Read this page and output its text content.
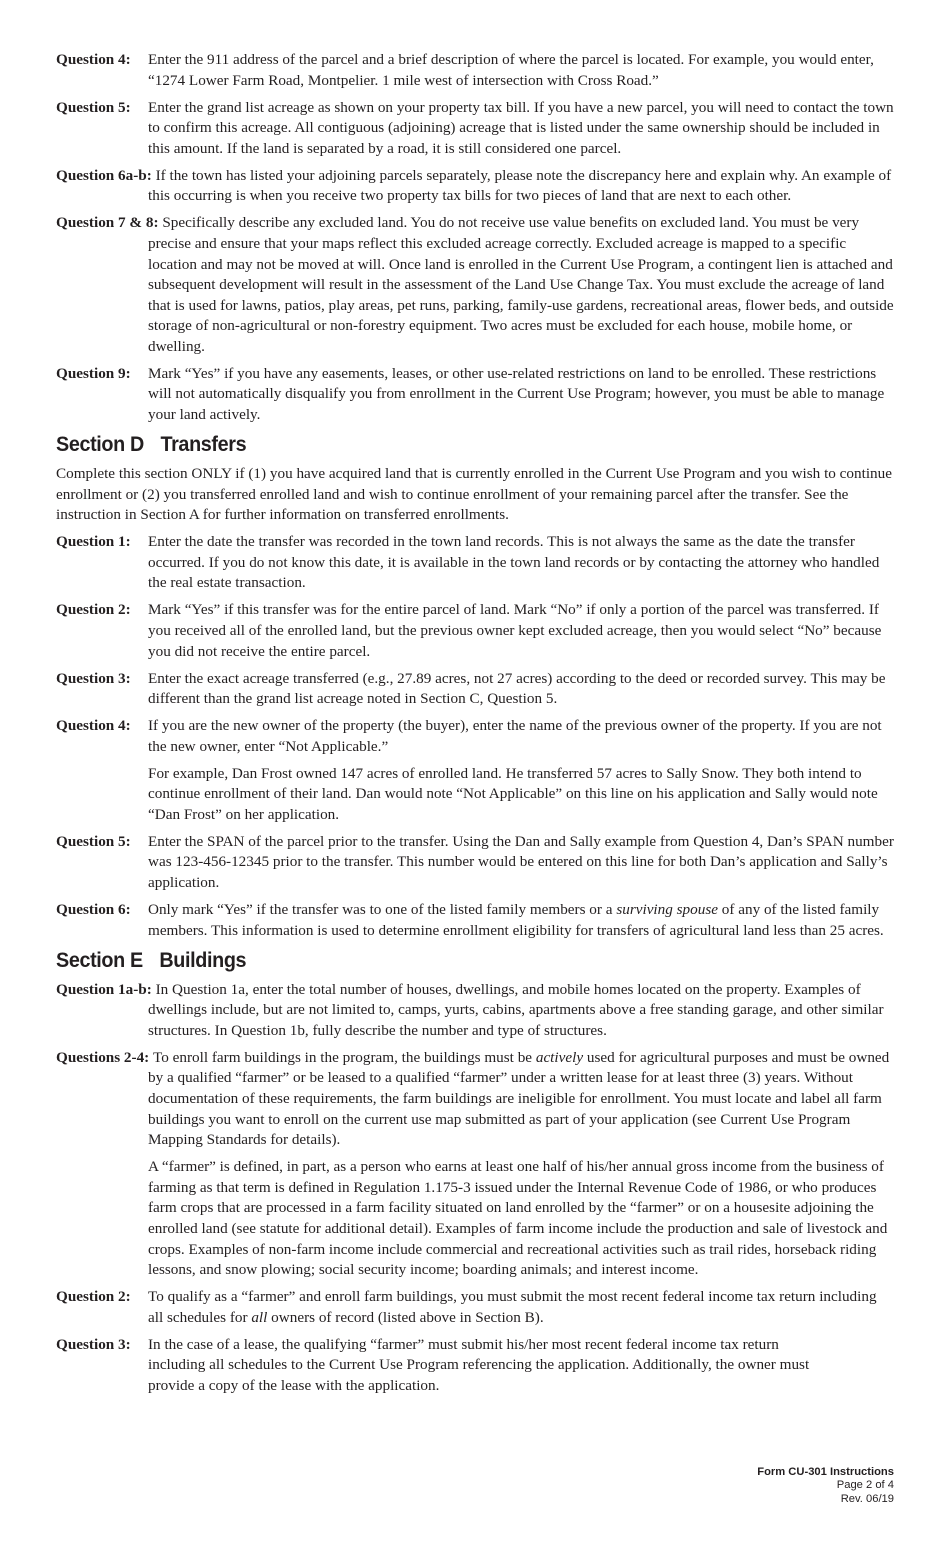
Question 4:	Enter the 911 address of the parcel and a brief description of where the parcel is located. For example, you would enter, “1274 Lower Farm Road, Montpelier. 1 mile west of intersection with Cross Road.”
Question 5:	Enter the grand list acreage as shown on your property tax bill. If you have a new parcel, you will need to contact the town to confirm this acreage. All contiguous (adjoining) acreage that is listed under the same ownership should be included in this amount. If the land is separated by a road, it is still considered one parcel.
Question 6a-b: If the town has listed your adjoining parcels separately, please note the discrepancy here and explain why. An example of this occurring is when you receive two property tax bills for two pieces of land that are next to each other.
Question 7 & 8: Specifically describe any excluded land. You do not receive use value benefits on excluded land. You must be very precise and ensure that your maps reflect this excluded acreage correctly. Excluded acreage is mapped to a specific location and may not be moved at will. Once land is enrolled in the Current Use Program, a contingent lien is attached and subsequent development will result in the assessment of the Land Use Change Tax. You must exclude the acreage of land that is used for lawns, patios, play areas, pet runs, parking, family-use gardens, recreational areas, flower beds, and outside storage of non-agricultural or non-forestry equipment. Two acres must be excluded for each house, mobile home, or dwelling.
Question 9:	Mark “Yes” if you have any easements, leases, or other use-related restrictions on land to be enrolled. These restrictions will not automatically disqualify you from enrollment in the Current Use Program; however, you must be able to manage your land actively.
Section D Transfers
Complete this section ONLY if (1) you have acquired land that is currently enrolled in the Current Use Program and you wish to continue enrollment or (2) you transferred enrolled land and wish to continue enrollment of your remaining parcel after the transfer. See the instruction in Section A for further information on transferred enrollments.
Question 1:	Enter the date the transfer was recorded in the town land records. This is not always the same as the date the transfer occurred. If you do not know this date, it is available in the town land records or by contacting the attorney who handled the real estate transaction.
Question 2:	Mark “Yes” if this transfer was for the entire parcel of land. Mark “No” if only a portion of the parcel was transferred. If you received all of the enrolled land, but the previous owner kept excluded acreage, then you would select “No” because you did not receive the entire parcel.
Question 3:	Enter the exact acreage transferred (e.g., 27.89 acres, not 27 acres) according to the deed or recorded survey. This may be different than the grand list acreage noted in Section C, Question 5.
Question 4:	If you are the new owner of the property (the buyer), enter the name of the previous owner of the property. If you are not the new owner, enter “Not Applicable.”
For example, Dan Frost owned 147 acres of enrolled land. He transferred 57 acres to Sally Snow. They both intend to continue enrollment of their land. Dan would note “Not Applicable” on this line on his application and Sally would note “Dan Frost” on her application.
Question 5:	Enter the SPAN of the parcel prior to the transfer. Using the Dan and Sally example from Question 4, Dan’s SPAN number was 123-456-12345 prior to the transfer. This number would be entered on this line for both Dan’s application and Sally’s application.
Question 6:	Only mark “Yes” if the transfer was to one of the listed family members or a surviving spouse of any of the listed family members. This information is used to determine enrollment eligibility for transfers of agricultural land less than 25 acres.
Section E Buildings
Question 1a-b: In Question 1a, enter the total number of houses, dwellings, and mobile homes located on the property. Examples of dwellings include, but are not limited to, camps, yurts, cabins, apartments above a free standing garage, and other similar structures. In Question 1b, fully describe the number and type of structures.
Questions 2-4: To enroll farm buildings in the program, the buildings must be actively used for agricultural purposes and must be owned by a qualified “farmer” or be leased to a qualified “farmer” under a written lease for at least three (3) years. Without documentation of these requirements, the farm buildings are ineligible for enrollment. You must locate and label all farm buildings you want to enroll on the current use map submitted as part of your application (see Current Use Program Mapping Standards for details).
A “farmer” is defined, in part, as a person who earns at least one half of his/her annual gross income from the business of farming as that term is defined in Regulation 1.175-3 issued under the Internal Revenue Code of 1986, or who produces farm crops that are processed in a farm facility situated on land enrolled by the “farmer” or on a housesite adjoining the enrolled land (see statute for additional detail). Examples of farm income include the production and sale of livestock and crops. Examples of non-farm income include commercial and recreational activities such as trail rides, horseback riding lessons, and snow plowing; social security income; boarding animals; and interest income.
Question 2:	To qualify as a “farmer” and enroll farm buildings, you must submit the most recent federal income tax return including all schedules for all owners of record (listed above in Section B).
Question 3:	In the case of a lease, the qualifying “farmer” must submit his/her most recent federal income tax return including all schedules to the Current Use Program referencing the application. Additionally, the owner must provide a copy of the lease with the application.
Form CU-301 Instructions
Page 2 of 4
Rev. 06/19
